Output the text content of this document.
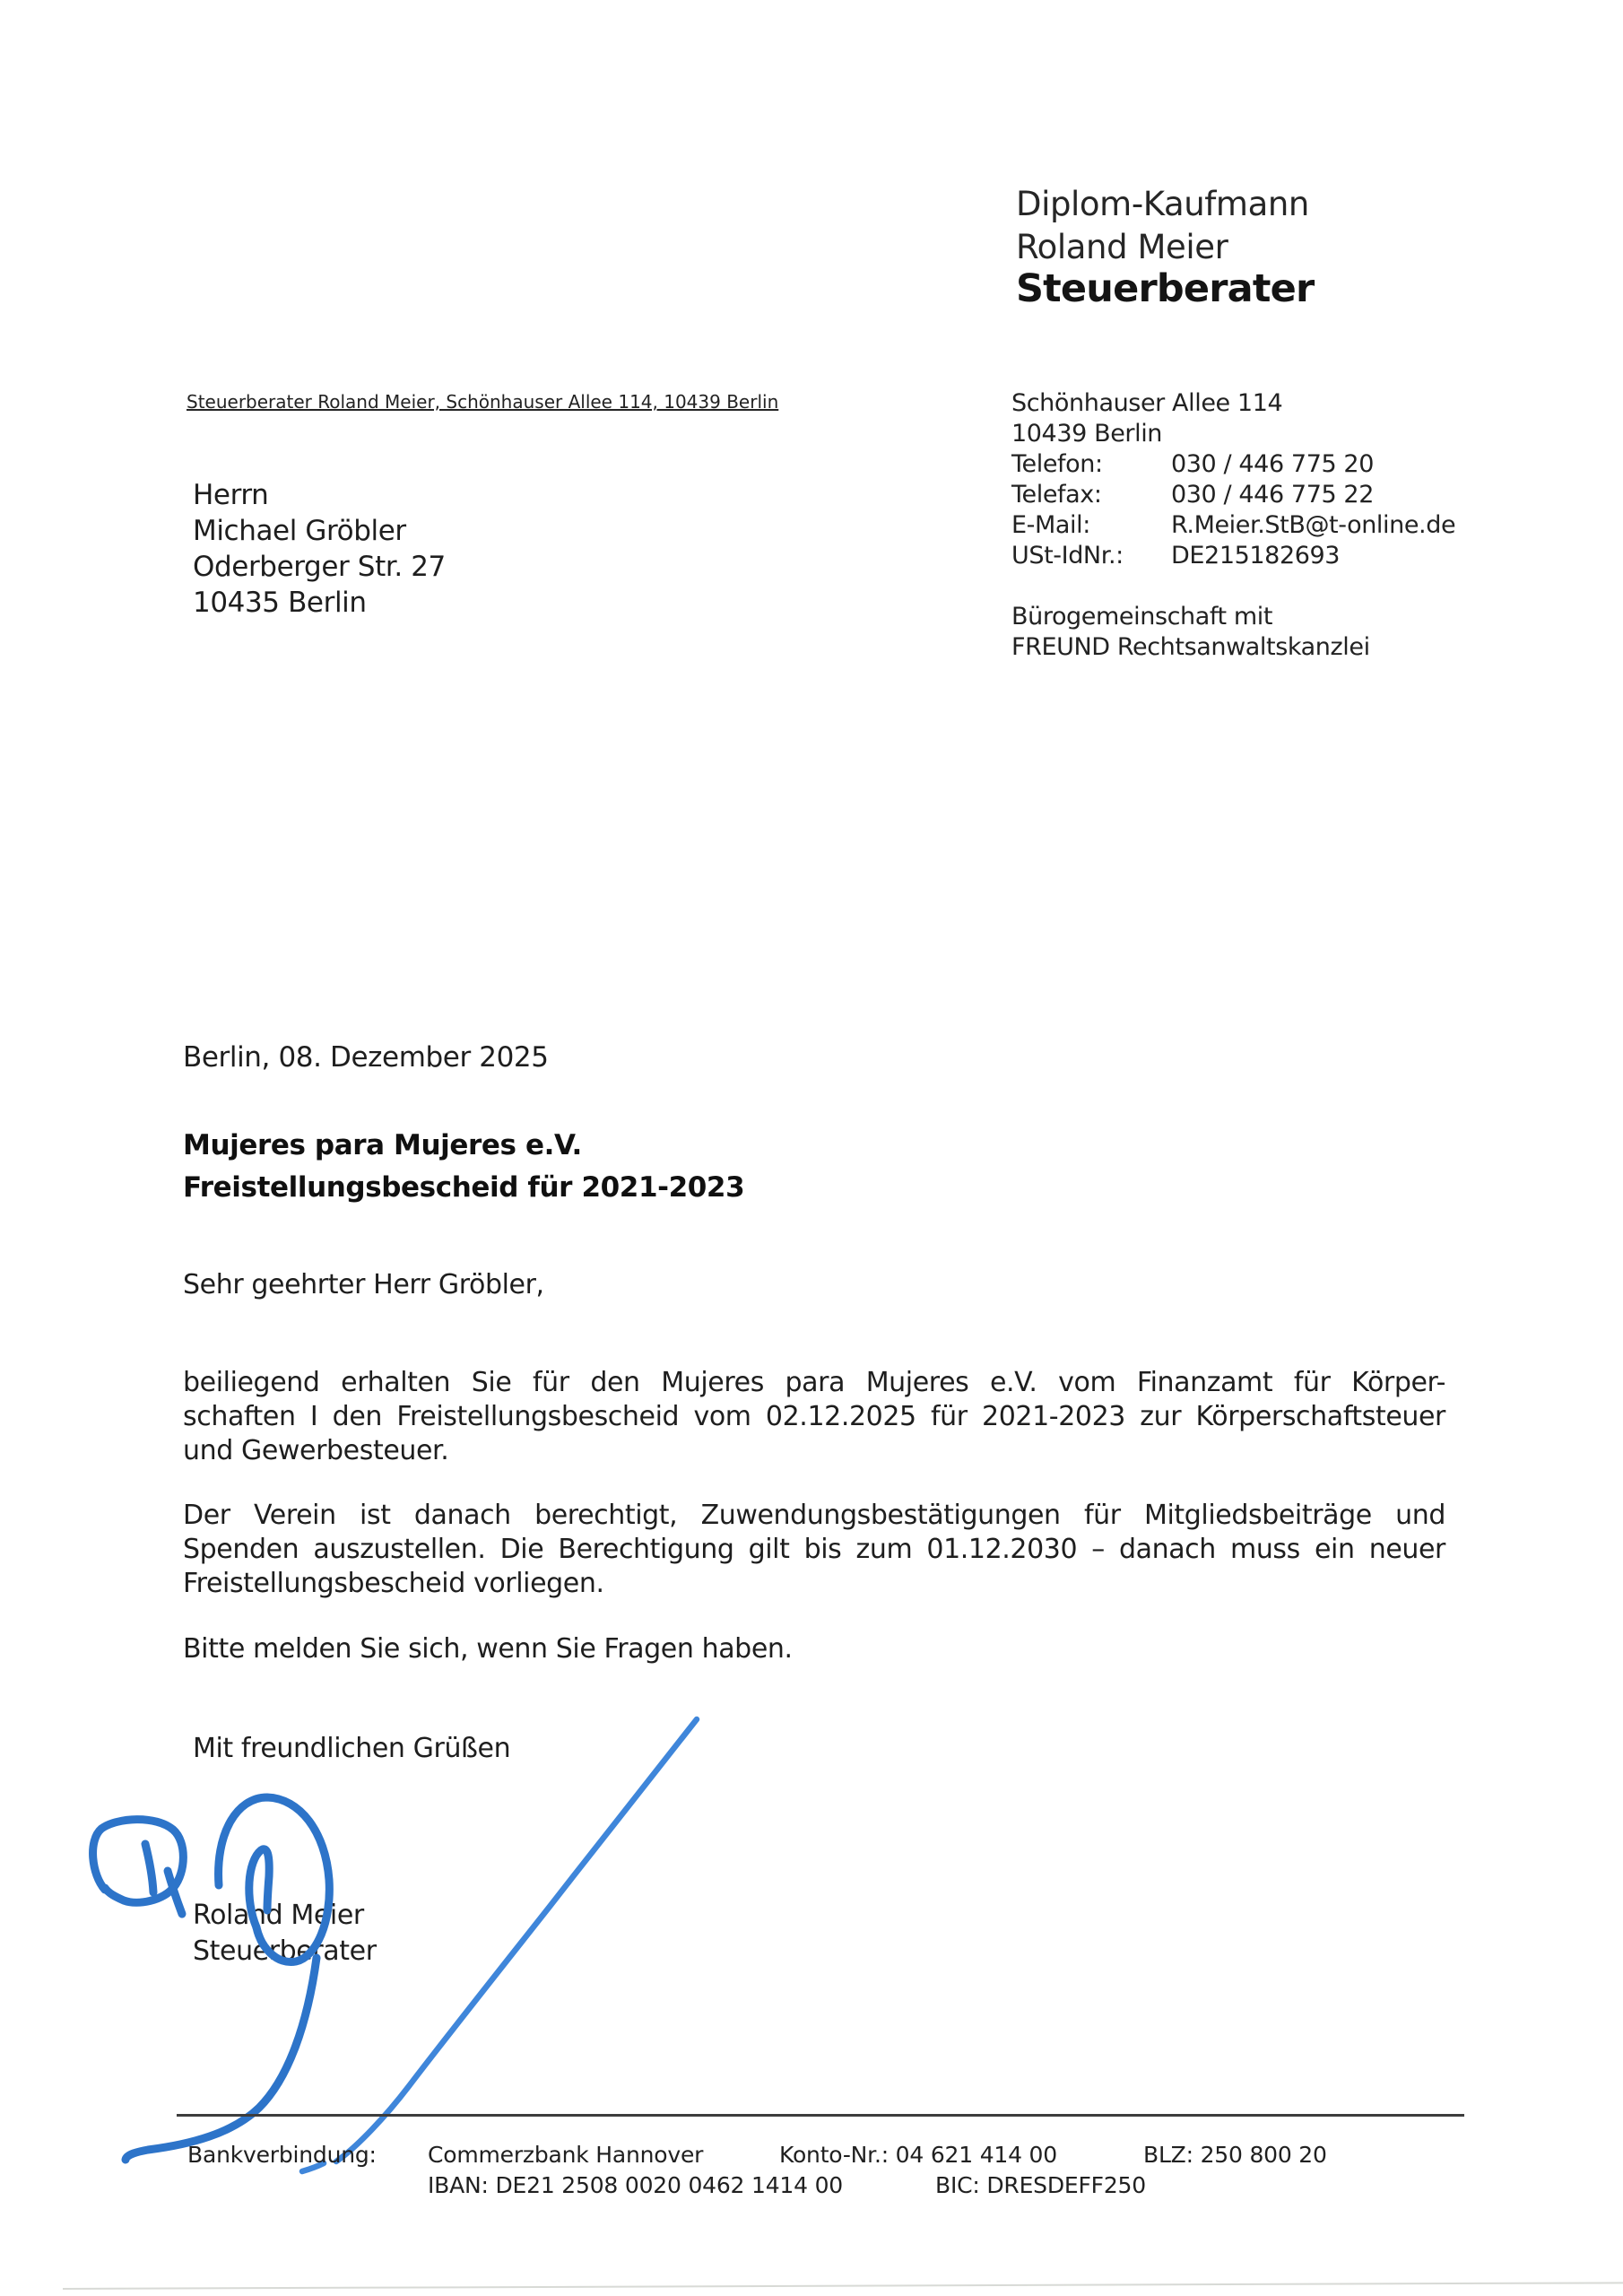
Diplom-Kaufmann
Roland Meier
Steuerberater
Steuerberater Roland Meier, Schönhauser Allee 114, 10439 Berlin
Herrn
Michael Gröbler
Oderberger Str. 27
10435 Berlin
Schönhauser Allee 114
10439 Berlin
Telefon:	030 / 446 775 20
Telefax:	030 / 446 775 22
E-Mail:	R.Meier.StB@t-online.de
USt-IdNr.: DE215182693
Bürogemeinschaft mit
FREUND Rechtsanwaltskanzlei
Berlin, 08. Dezember 2025
Mujeres para Mujeres e.V.
Freistellungsbescheid für 2021-2023
Sehr geehrter Herr Gröbler,
beiliegend erhalten Sie für den Mujeres para Mujeres e.V. vom Finanzamt für Körper-
schaften I den Freistellungsbescheid vom 02.12.2025 für 2021-2023 zur Körperschaftsteuer
und Gewerbesteuer.
Der Verein ist danach berechtigt, Zuwendungsbestätigungen für Mitgliedsbeiträge und
Spenden auszustellen. Die Berechtigung gilt bis zum 01.12.2030 – danach muss ein neuer
Freistellungsbescheid vorliegen.
Bitte melden Sie sich, wenn Sie Fragen haben.
Mit freundlichen Grüßen
Roland Meier
Steuerberater
Bankverbindung: Commerzbank Hannover	Konto-Nr.: 04 621 414 00	BLZ: 250 800 20
IBAN: DE21 2508 0020 0462 1414 00	BIC: DRESDEFF250
